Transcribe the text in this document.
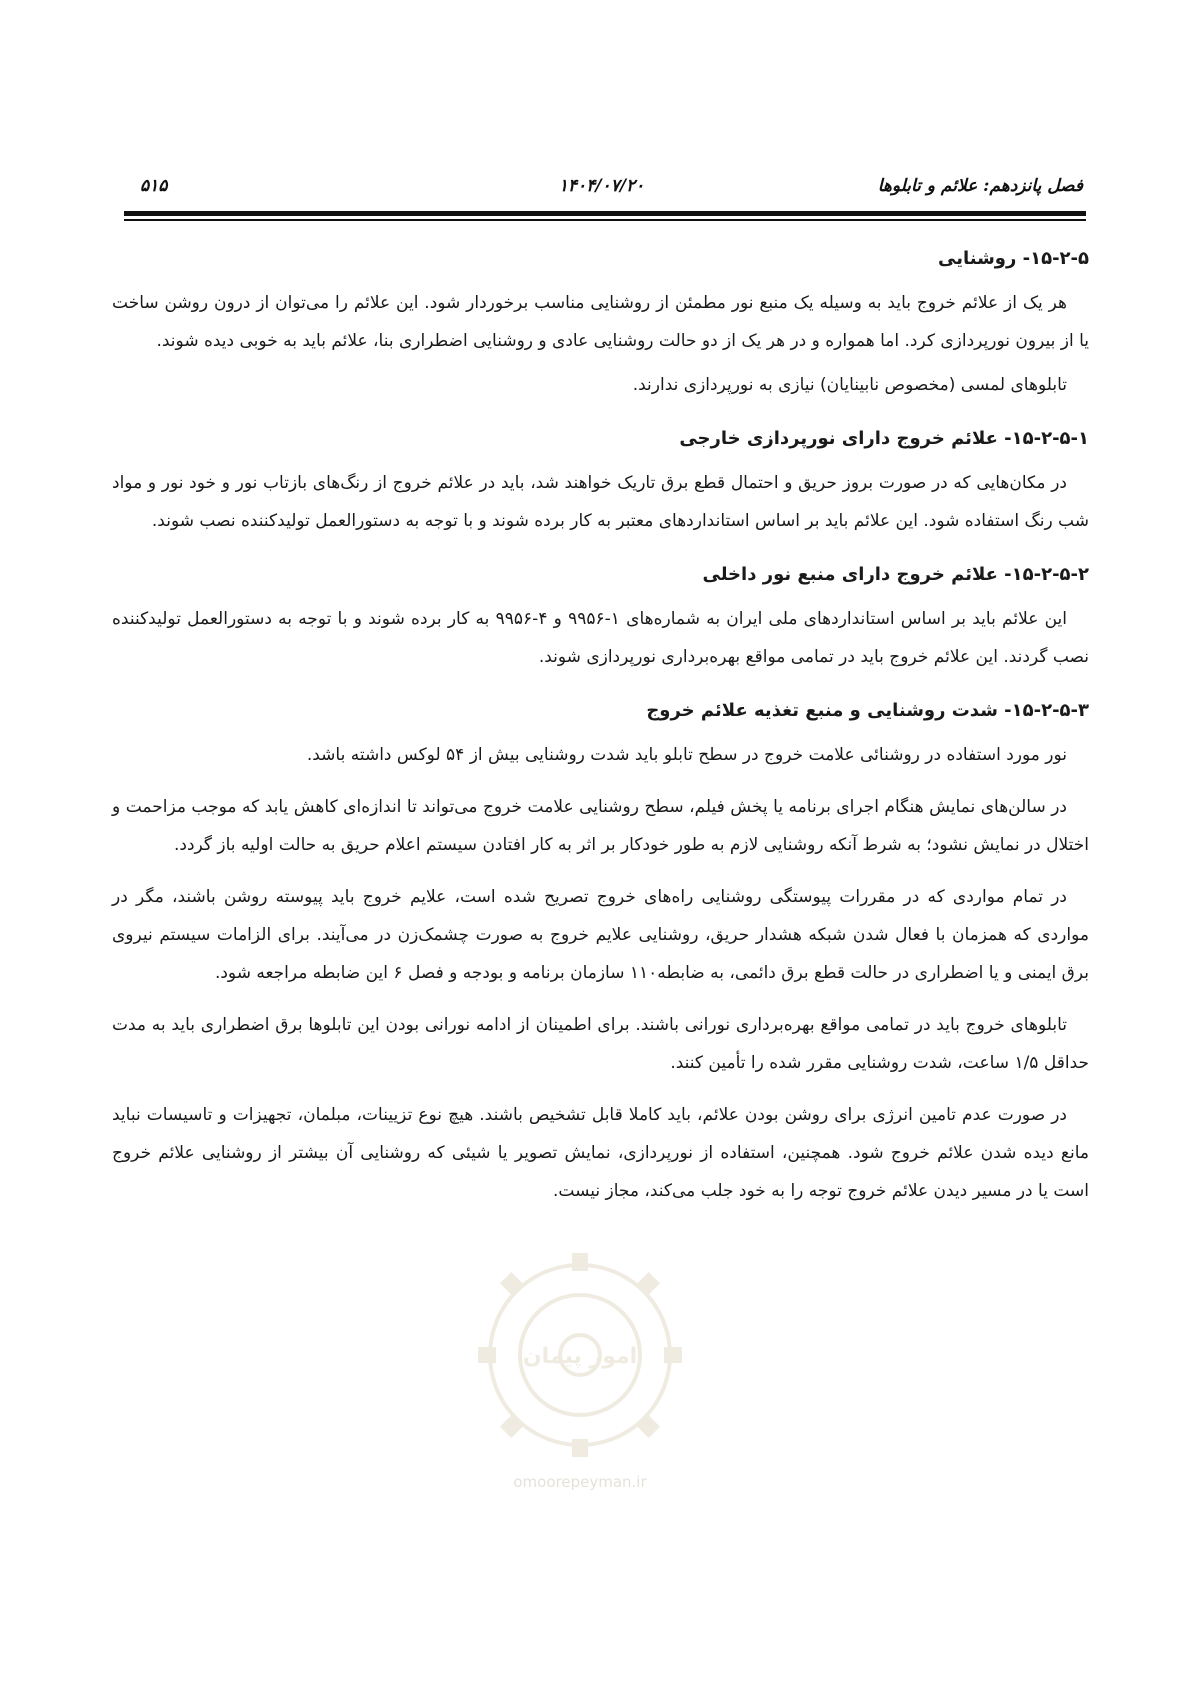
فصل پانزدهم: علائم و تابلوها
۱۴۰۴/۰۷/۲۰
۵۱۵
۱۵-۲-۵- روشنایی

هر یک از علائم خروج باید به وسیله یک منبع نور مطمئن از روشنایی مناسب برخوردار شود. این علائم را می‌توان از درون روشن ساخت یا از بیرون نورپردازی کرد. اما همواره و در هر یک از دو حالت روشنایی عادی و روشنایی اضطراری بنا، علائم باید به خوبی دیده شوند.

تابلوهای لمسی (مخصوص نابینایان) نیازی به نورپردازی ندارند.

۱۵-۲-۵-۱- علائم خروج دارای نورپردازی خارجی

در مکان‌هایی که در صورت بروز حریق و احتمال قطع برق تاریک خواهند شد، باید در علائم خروج از رنگ‌های بازتاب نور و خود نور و مواد شب رنگ استفاده شود. این علائم باید بر اساس استانداردهای معتبر به کار برده شوند و با توجه به دستورالعمل تولیدکننده نصب شوند.

۱۵-۲-۵-۲- علائم خروج دارای منبع نور داخلی

این علائم باید بر اساس استانداردهای ملی ایران به شماره‌های ۱-۹۹۵۶ و ۴-۹۹۵۶ به کار برده شوند و با توجه به دستورالعمل تولیدکننده نصب گردند. این علائم خروج باید در تمامی مواقع بهره‌برداری نورپردازی شوند.

۱۵-۲-۵-۳- شدت روشنایی و منبع تغذیه علائم خروج

نور مورد استفاده در روشنائی علامت خروج در سطح تابلو باید شدت روشنایی بیش از ۵۴ لوکس داشته باشد.

در سالن‌های نمایش هنگام اجرای برنامه یا پخش فیلم، سطح روشنایی علامت خروج می‌تواند تا اندازه‌ای کاهش یابد که موجب مزاحمت و اختلال در نمایش نشود؛ به شرط آنکه روشنایی لازم به طور خودکار بر اثر به کار افتادن سیستم اعلام حریق به حالت اولیه باز گردد.

در تمام مواردی که در مقررات پیوستگی روشنایی راه‌های خروج تصریح شده است، علایم خروج باید پیوسته روشن باشند، مگر در مواردی که همزمان با فعال شدن شبکه هشدار حریق، روشنایی علایم خروج به صورت چشمک‌زن در می‌آیند. برای الزامات سیستم نیروی برق ایمنی و یا اضطراری در حالت قطع برق دائمی، به ضابطه۱۱۰ سازمان برنامه و بودجه و فصل ۶ این ضابطه مراجعه شود.

تابلوهای خروج باید در تمامی مواقع بهره‌برداری نورانی باشند. برای اطمینان از ادامه نورانی بودن این تابلوها برق اضطراری باید به مدت حداقل ۱/۵ ساعت، شدت روشنایی مقرر شده را تأمین کنند.

در صورت عدم تامین انرژی برای روشن بودن علائم، باید کاملا قابل تشخیص باشند. هیچ نوع تزیینات، مبلمان، تجهیزات و تاسیسات نباید مانع دیده شدن علائم خروج شود. همچنین، استفاده از نورپردازی، نمایش تصویر یا شیئی که روشنایی آن بیشتر از روشنایی علائم خروج است یا در مسیر دیدن علائم خروج توجه را به خود جلب می‌کند، مجاز نیست.

امور پیمان
omoorepeyman.ir
